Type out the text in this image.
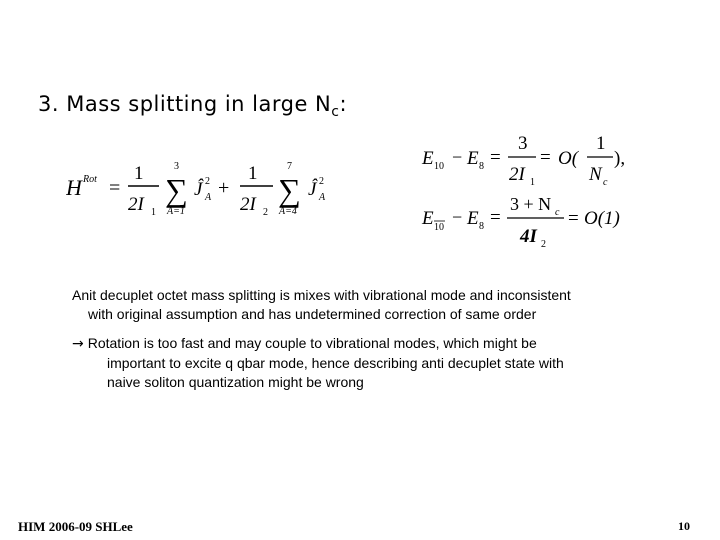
3. Mass splitting in large $N_c$:
H Rot =
1
2I 1
3
∑
A=1
Ĵ 2
A +
1
2I 2
7
∑
A=4
Ĵ 2
A
E 10 − E 8 =
3
2I 1
= O(
1
N c
),
E 10
− E 8 =
3 + N c
4I 2
= O(1)
Anit decuplet octet mass splitting is mixes with vibrational mode and inconsistent
with original assumption and has undetermined correction of same order
→ Rotation is too fast and may couple to vibrational modes, which might be
important to excite q qbar mode, hence describing anti decuplet state with
naive soliton quantization might be wrong
HIM 2006-09 SHLee	10
